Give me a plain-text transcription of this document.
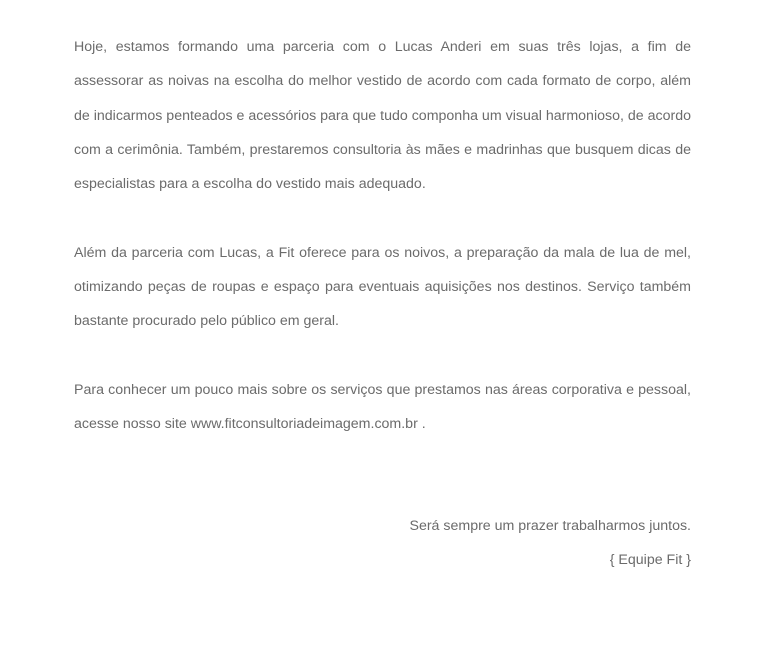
Hoje, estamos formando uma parceria com o Lucas Anderi em suas três lojas, a fim de assessorar as noivas na escolha do melhor vestido de acordo com cada formato de corpo, além de indicarmos penteados e acessórios para que tudo componha um visual harmonioso, de acordo com a cerimônia. Também, prestaremos consultoria às mães e madrinhas que busquem dicas de especialistas para a escolha do vestido mais adequado.

Além da parceria com Lucas, a Fit oferece para os noivos, a preparação da mala de lua de mel, otimizando peças de roupas e espaço para eventuais aquisições nos destinos. Serviço também bastante procurado pelo público em geral.

Para conhecer um pouco mais sobre os serviços que prestamos nas áreas corporativa e pessoal, acesse nosso site www.fitconsultoriadeimagem.com.br .

Será sempre um prazer trabalharmos juntos.

{ Equipe Fit }
